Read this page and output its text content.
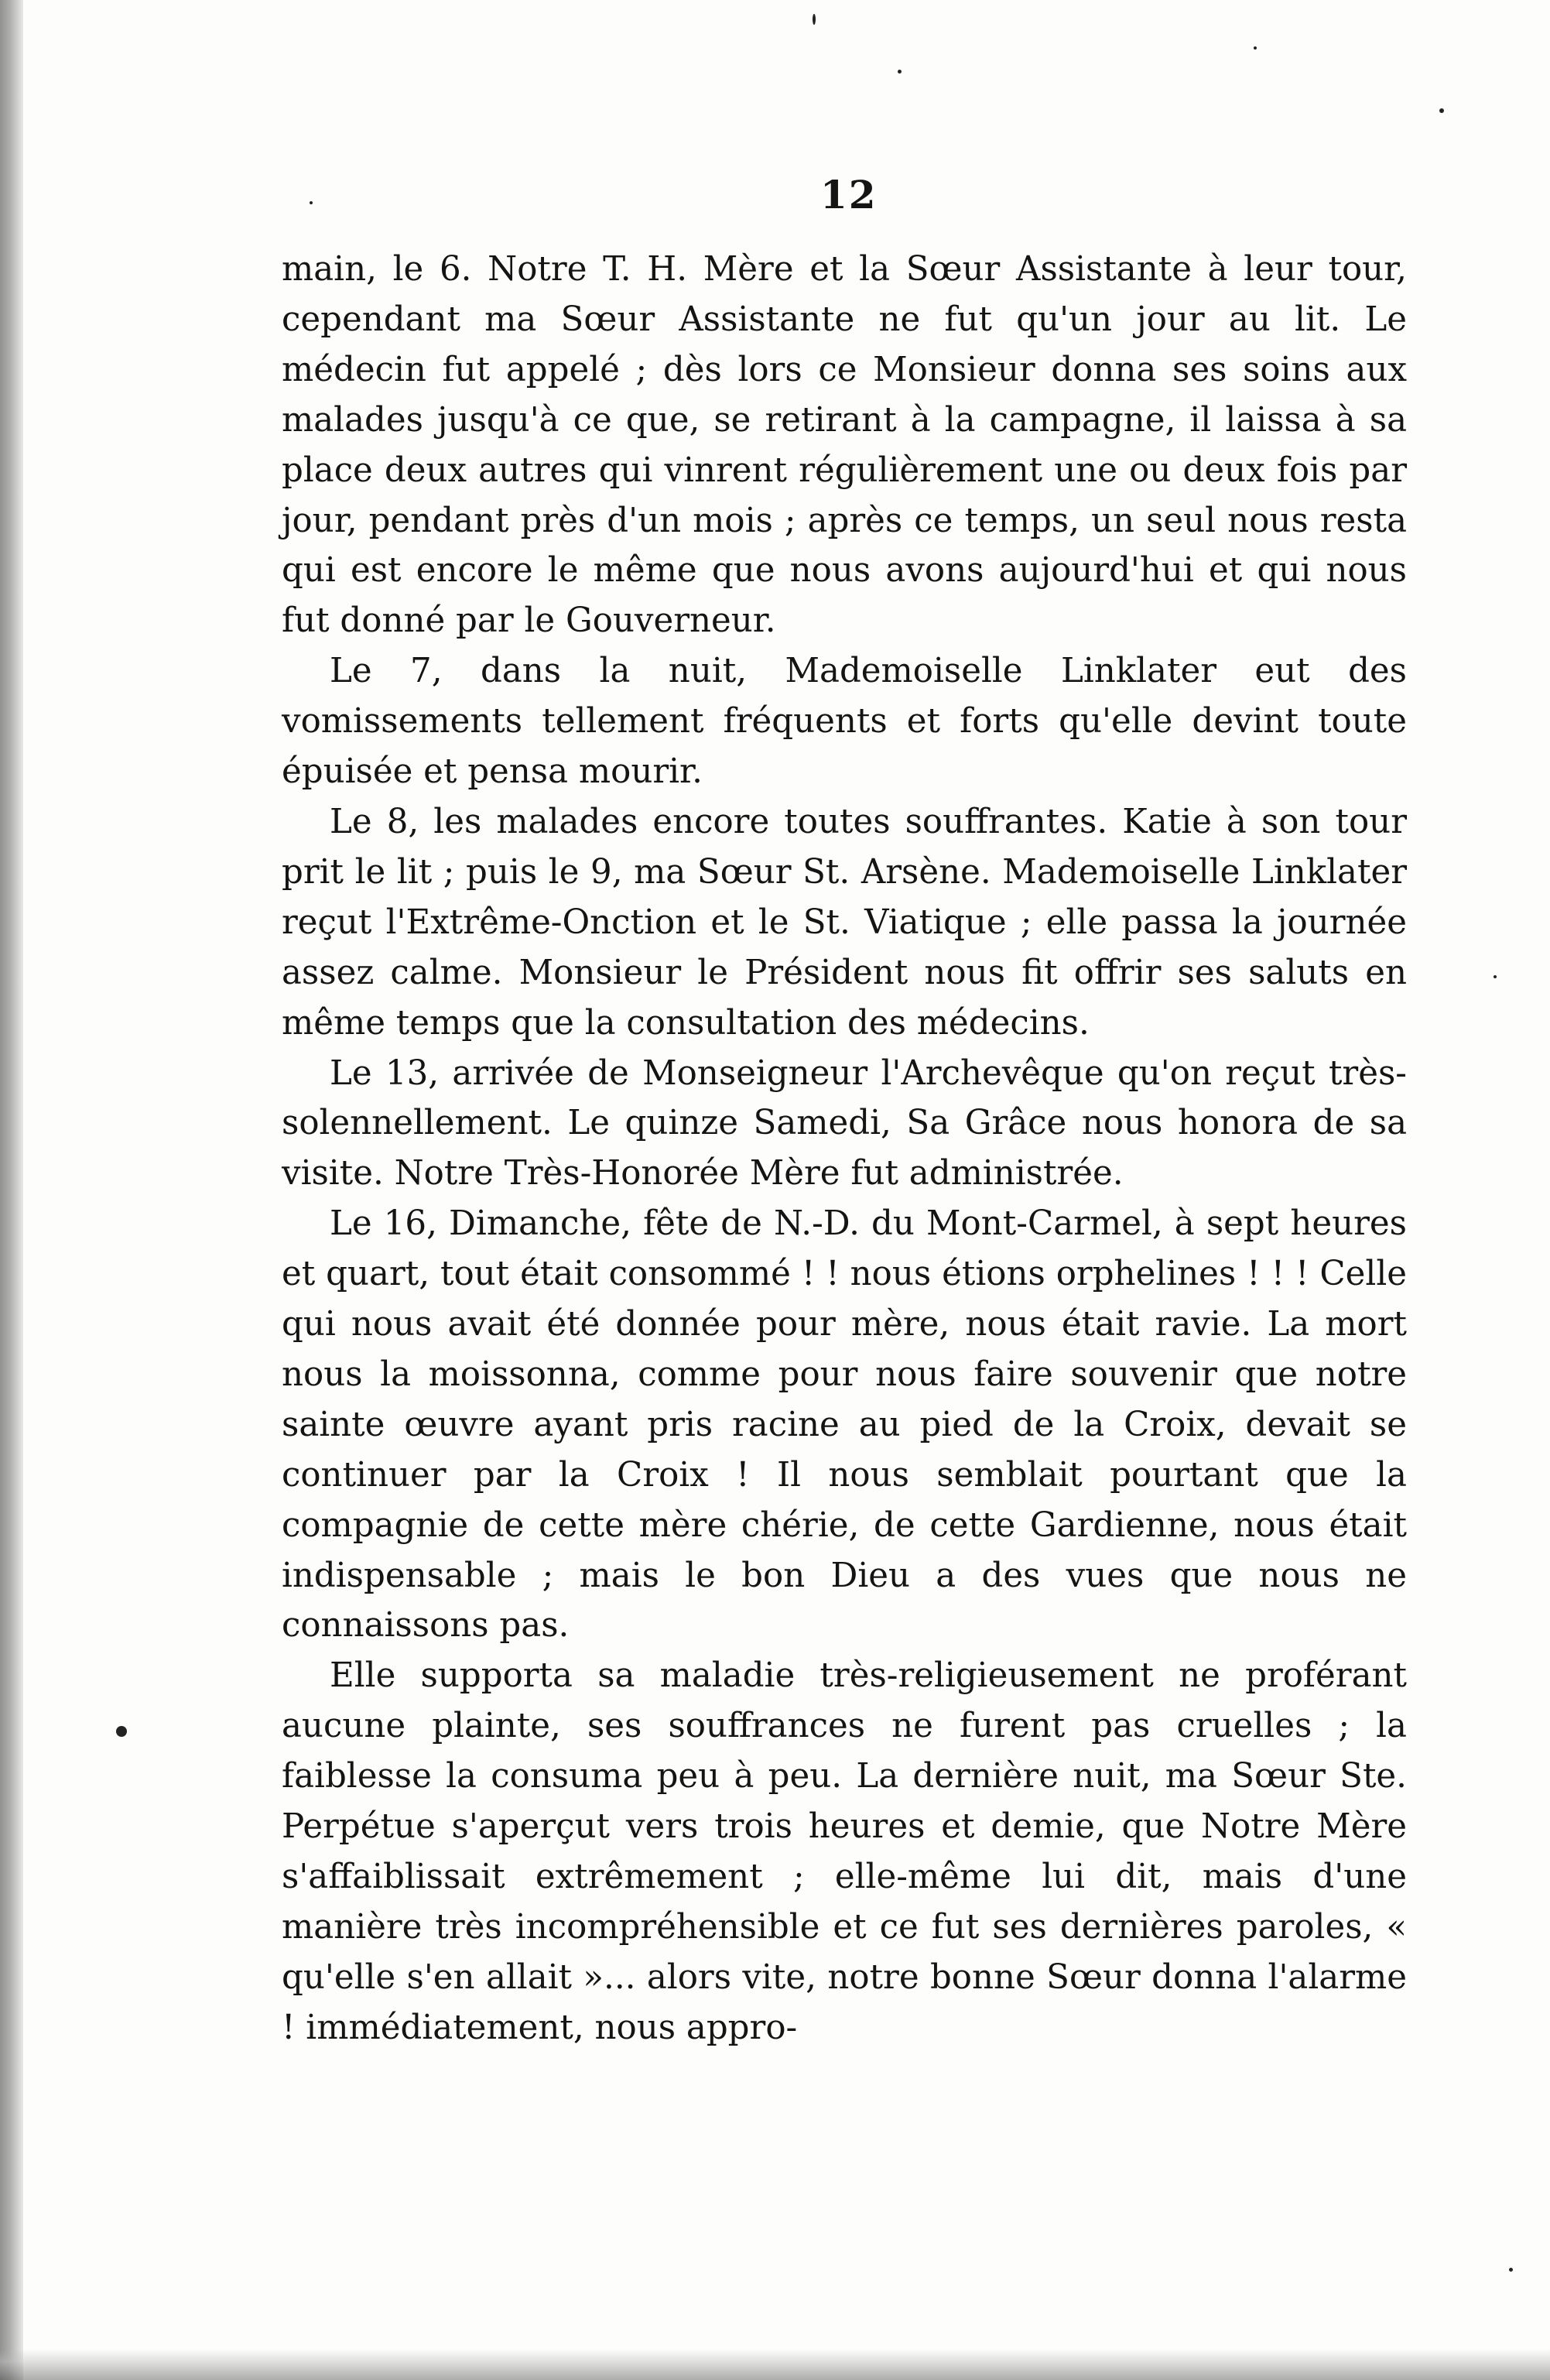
12

main, le 6. Notre T. H. Mère et la Sœur Assistante à leur tour, cependant ma Sœur Assistante ne fut qu'un jour au lit. Le médecin fut appelé ; dès lors ce Monsieur donna ses soins aux malades jusqu'à ce que, se retirant à la campagne, il laissa à sa place deux autres qui vinrent régulièrement une ou deux fois par jour, pendant près d'un mois ; après ce temps, un seul nous resta qui est encore le même que nous avons aujourd'hui et qui nous fut donné par le Gouverneur.

Le 7, dans la nuit, Mademoiselle Linklater eut des vomissements tellement fréquents et forts qu'elle devint toute épuisée et pensa mourir.

Le 8, les malades encore toutes souffrantes. Katie à son tour prit le lit ; puis le 9, ma Sœur St. Arsène. Mademoiselle Linklater reçut l'Extrême-Onction et le St. Viatique ; elle passa la journée assez calme. Monsieur le Président nous fit offrir ses saluts en même temps que la consultation des médecins.

Le 13, arrivée de Monseigneur l'Archevêque qu'on reçut très-solennellement. Le quinze Samedi, Sa Grâce nous honora de sa visite. Notre Très-Honorée Mère fut administrée.

Le 16, Dimanche, fête de N.-D. du Mont-Carmel, à sept heures et quart, tout était consommé ! ! nous étions orphelines ! ! ! Celle qui nous avait été donnée pour mère, nous était ravie. La mort nous la moissonna, comme pour nous faire souvenir que notre sainte œuvre ayant pris racine au pied de la Croix, devait se continuer par la Croix ! Il nous semblait pourtant que la compagnie de cette mère chérie, de cette Gardienne, nous était indispensable ; mais le bon Dieu a des vues que nous ne connaissons pas.

Elle supporta sa maladie très-religieusement ne proférant aucune plainte, ses souffrances ne furent pas cruelles ; la faiblesse la consuma peu à peu. La dernière nuit, ma Sœur Ste. Perpétue s'aperçut vers trois heures et demie, que Notre Mère s'affaiblissait extrêmement ; elle-même lui dit, mais d'une manière très incompréhensible et ce fut ses dernières paroles, « qu'elle s'en allait »... alors vite, notre bonne Sœur donna l'alarme ! immédiatement, nous appro-
